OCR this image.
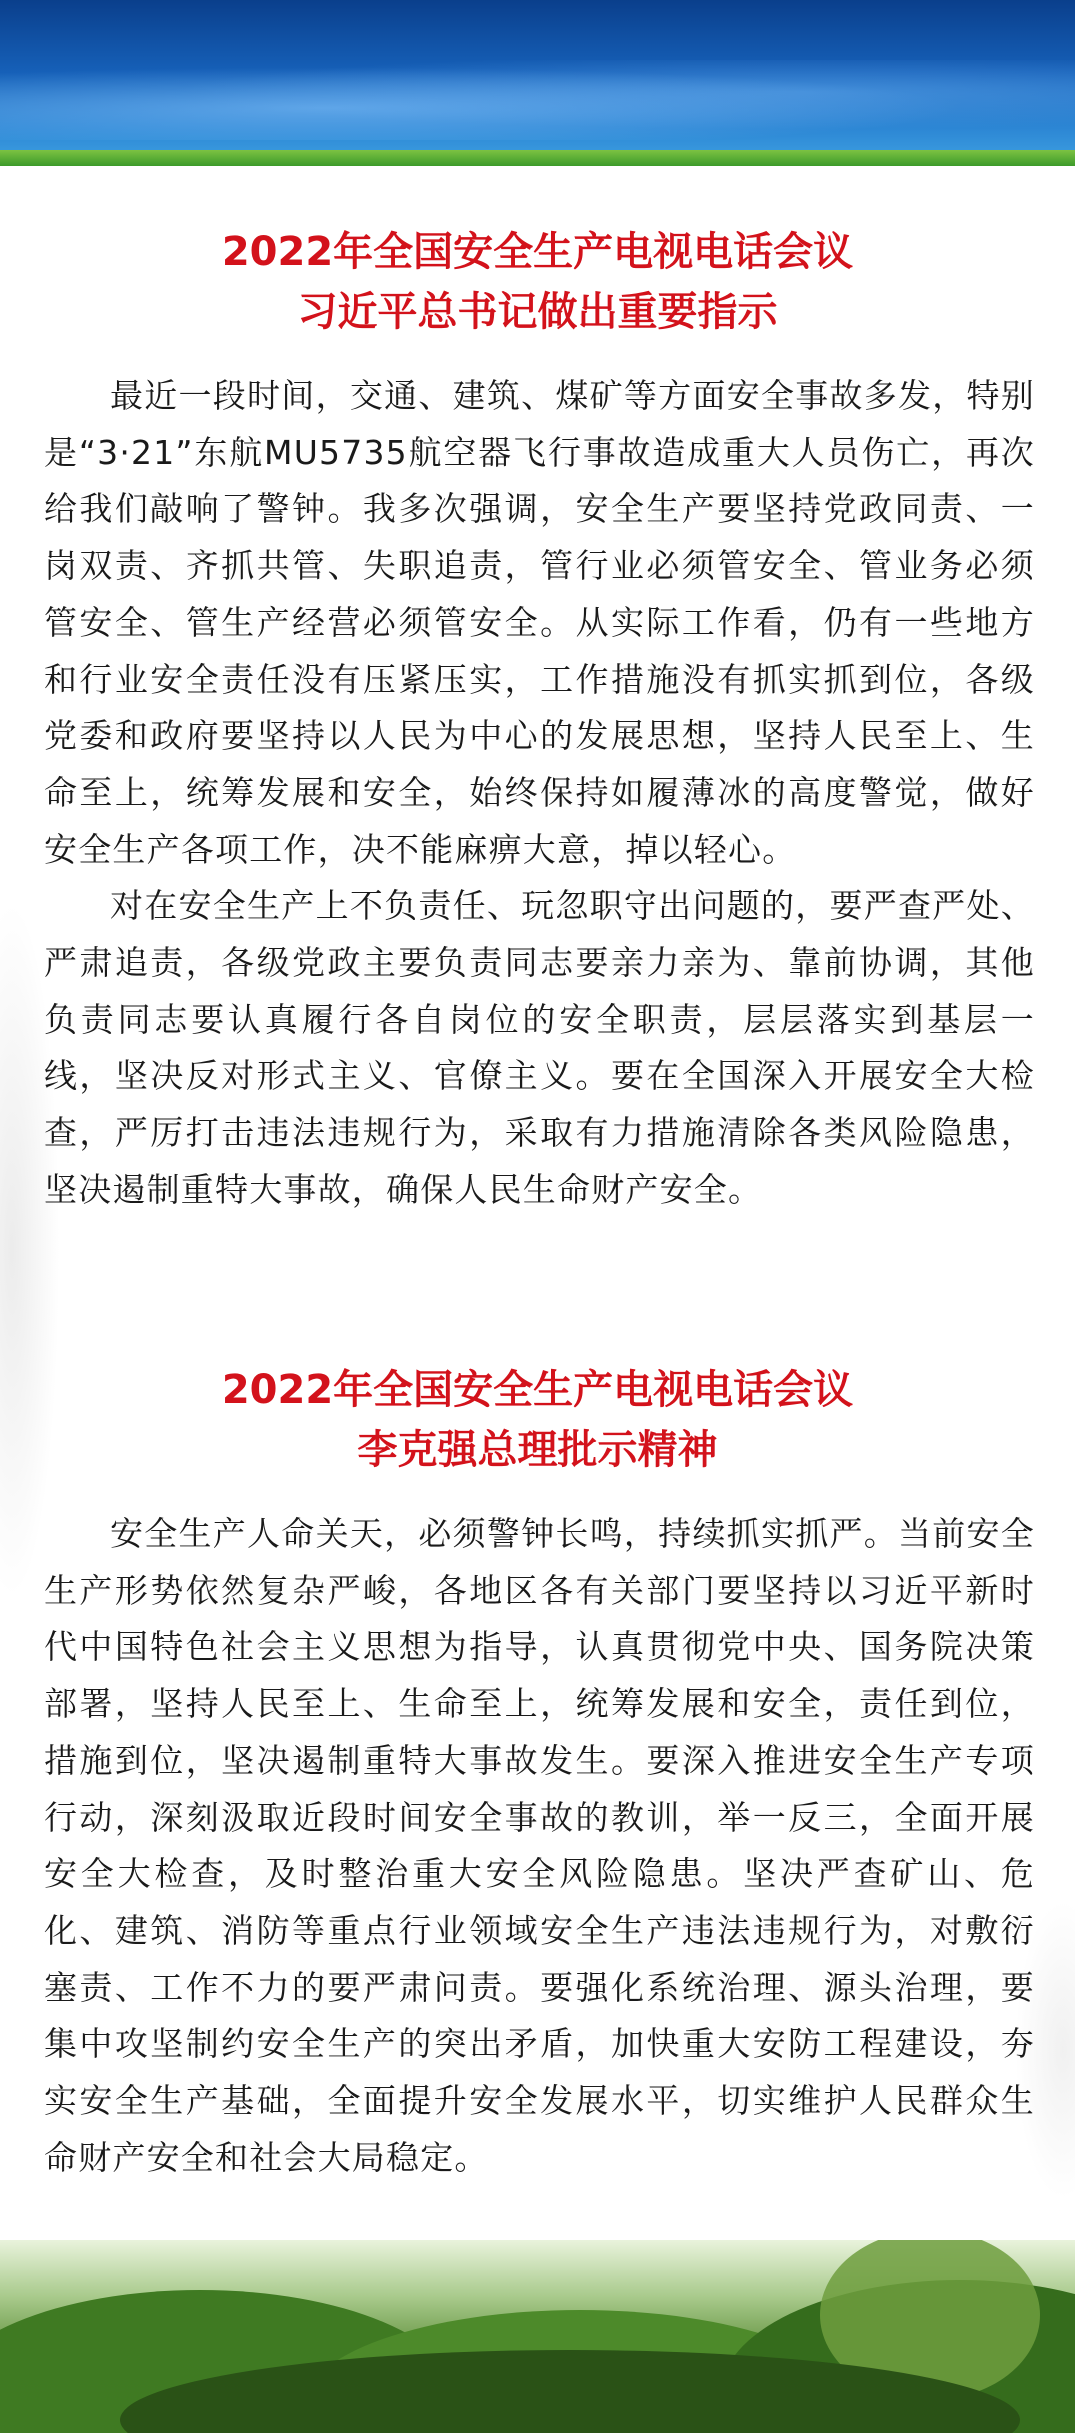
2022年全国安全生产电视电话会议
习近平总书记做出重要指示

最近一段时间，交通、建筑、煤矿等方面安全事故多发，特别是“3·21”东航MU5735航空器飞行事故造成重大人员伤亡，再次给我们敲响了警钟。我多次强调，安全生产要坚持党政同责、一岗双责、齐抓共管、失职追责，管行业必须管安全、管业务必须管安全、管生产经营必须管安全。从实际工作看，仍有一些地方和行业安全责任没有压紧压实，工作措施没有抓实抓到位，各级党委和政府要坚持以人民为中心的发展思想，坚持人民至上、生命至上，统筹发展和安全，始终保持如履薄冰的高度警觉，做好安全生产各项工作，决不能麻痹大意，掉以轻心。

对在安全生产上不负责任、玩忽职守出问题的，要严查严处、严肃追责，各级党政主要负责同志要亲力亲为、靠前协调，其他负责同志要认真履行各自岗位的安全职责，层层落实到基层一线，坚决反对形式主义、官僚主义。要在全国深入开展安全大检查，严厉打击违法违规行为，采取有力措施清除各类风险隐患，坚决遏制重特大事故，确保人民生命财产安全。

2022年全国安全生产电视电话会议
李克强总理批示精神

安全生产人命关天，必须警钟长鸣，持续抓实抓严。当前安全生产形势依然复杂严峻，各地区各有关部门要坚持以习近平新时代中国特色社会主义思想为指导，认真贯彻党中央、国务院决策部署，坚持人民至上、生命至上，统筹发展和安全，责任到位，措施到位，坚决遏制重特大事故发生。要深入推进安全生产专项行动，深刻汲取近段时间安全事故的教训，举一反三，全面开展安全大检查，及时整治重大安全风险隐患。坚决严查矿山、危化、建筑、消防等重点行业领域安全生产违法违规行为，对敷衍塞责、工作不力的要严肃问责。要强化系统治理、源头治理，要集中攻坚制约安全生产的突出矛盾，加快重大安防工程建设，夯实安全生产基础，全面提升安全发展水平，切实维护人民群众生命财产安全和社会大局稳定。
